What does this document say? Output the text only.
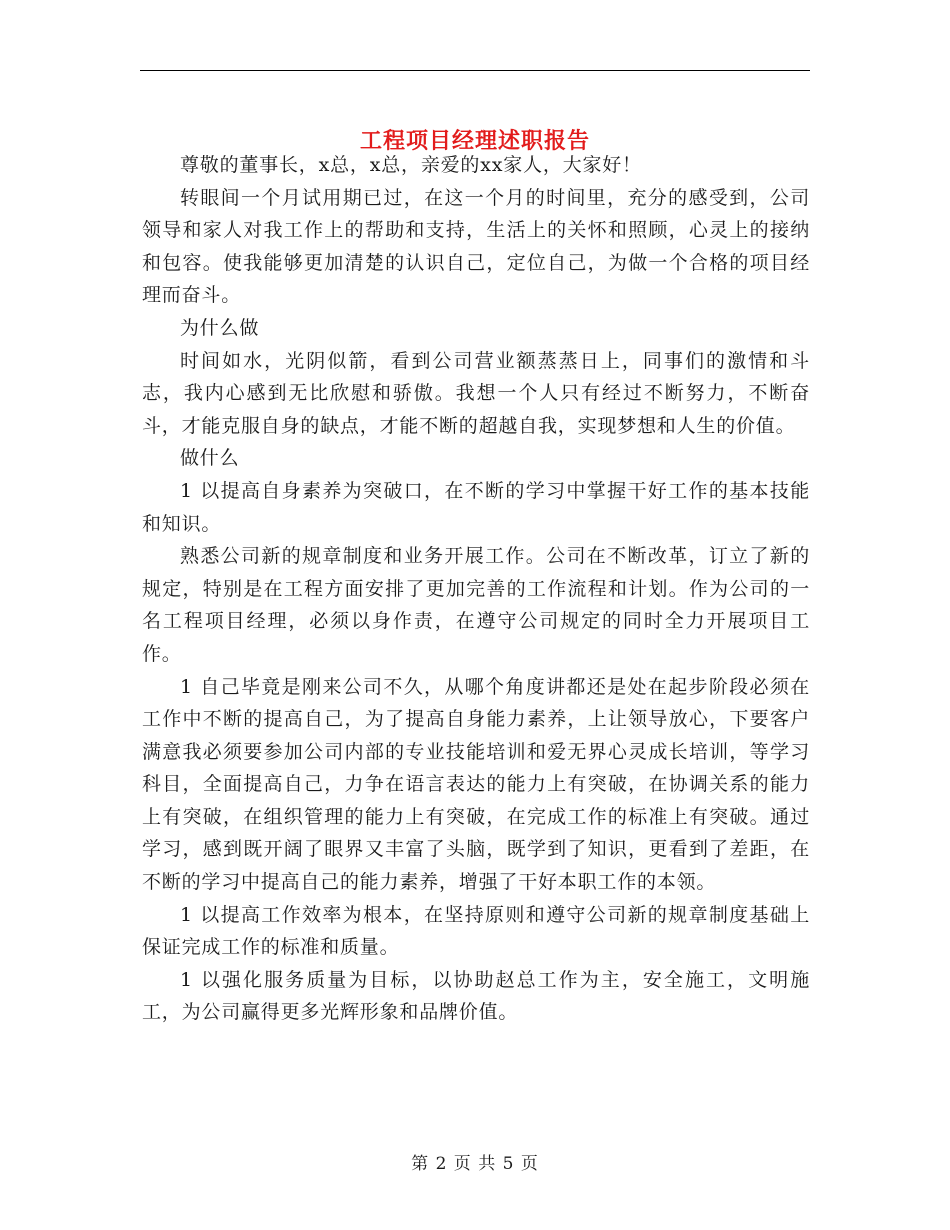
工程项目经理述职报告

尊敬的董事长，x总，x总，亲爱的xx家人，大家好！

转眼间一个月试用期已过，在这一个月的时间里，充分的感受到，公司领导和家人对我工作上的帮助和支持，生活上的关怀和照顾，心灵上的接纳和包容。使我能够更加清楚的认识自己，定位自己，为做一个合格的项目经理而奋斗。

为什么做

时间如水，光阴似箭，看到公司营业额蒸蒸日上，同事们的激情和斗志，我内心感到无比欣慰和骄傲。我想一个人只有经过不断努力，不断奋斗，才能克服自身的缺点，才能不断的超越自我，实现梦想和人生的价值。

做什么

1 以提高自身素养为突破口，在不断的学习中掌握干好工作的基本技能和知识。

熟悉公司新的规章制度和业务开展工作。公司在不断改革，订立了新的规定，特别是在工程方面安排了更加完善的工作流程和计划。作为公司的一名工程项目经理，必须以身作责，在遵守公司规定的同时全力开展项目工作。

1 自己毕竟是刚来公司不久，从哪个角度讲都还是处在起步阶段必须在工作中不断的提高自己，为了提高自身能力素养，上让领导放心，下要客户满意我必须要参加公司内部的专业技能培训和爱无界心灵成长培训，等学习科目，全面提高自己，力争在语言表达的能力上有突破，在协调关系的能力上有突破，在组织管理的能力上有突破，在完成工作的标准上有突破。通过学习，感到既开阔了眼界又丰富了头脑，既学到了知识，更看到了差距，在不断的学习中提高自己的能力素养，增强了干好本职工作的本领。

1 以提高工作效率为根本，在坚持原则和遵守公司新的规章制度基础上保证完成工作的标准和质量。

1 以强化服务质量为目标，以协助赵总工作为主，安全施工，文明施工，为公司赢得更多光辉形象和品牌价值。

第 2 页 共 5 页
